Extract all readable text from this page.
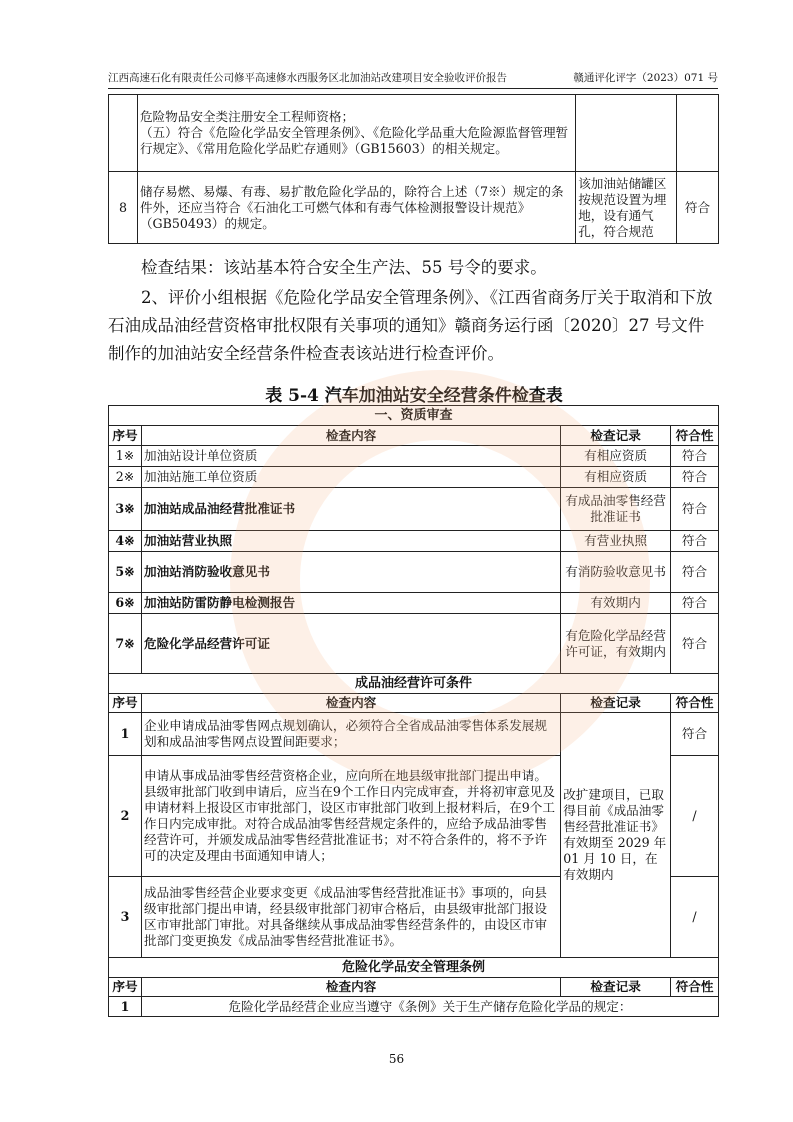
江西高速石化有限责任公司修平高速修水西服务区北加油站改建项目安全验收评价报告	赣通评化评字（2023）071 号
	危险物品安全类注册安全工程师资格；
（五）符合《危险化学品安全管理条例》、《危险化学品重大危险源监督管理暂行规定》、《常用危险化学品贮存通则》（GB15603）的相关规定。		
8	储存易燃、易爆、有毒、易扩散危险化学品的，除符合上述（7※）规定的条件外，还应当符合《石油化工可燃气体和有毒气体检测报警设计规范》（GB50493）的规定。	该加油站储罐区按规范设置为埋地，设有通气孔，符合规范	符合
检查结果：该站基本符合安全生产法、55 号令的要求。
2、评价小组根据《危险化学品安全管理条例》、《江西省商务厅关于取消和下放石油成品油经营资格审批权限有关事项的通知》赣商务运行函〔2020〕27 号文件制作的加油站安全经营条件检查表该站进行检查评价。
表 5-4 汽车加油站安全经营条件检查表
一、资质审查			
序号	检查内容	检查记录	符合性
1※	加油站设计单位资质	有相应资质	符合
2※	加油站施工单位资质	有相应资质	符合
3※	加油站成品油经营批准证书	有成品油零售经营批准证书	符合
4※	加油站营业执照	有营业执照	符合
5※	加油站消防验收意见书	有消防验收意见书	符合
6※	加油站防雷防静电检测报告	有效期内	符合
7※	危险化学品经营许可证	有危险化学品经营许可证，有效期内	符合
成品油经营许可条件			
序号	检查内容	检查记录	符合性
1	企业申请成品油零售网点规划确认，必须符合全省成品油零售体系发展规划和成品油零售网点设置间距要求；	改扩建项目，已取得目前《成品油零售经营批准证书》有效期至 2029 年 01 月 10 日，在有效期内	符合
2	申请从事成品油零售经营资格企业，应向所在地县级审批部门提出申请。县级审批部门收到申请后，应当在9个工作日内完成审查，并将初审意见及申请材料上报设区市审批部门，设区市审批部门收到上报材料后，在9个工作日内完成审批。对符合成品油零售经营规定条件的，应给予成品油零售经营许可，并颁发成品油零售经营批准证书；对不符合条件的，将不予许可的决定及理由书面通知申请人；		/
3	成品油零售经营企业要求变更《成品油零售经营批准证书》事项的，向县级审批部门提出申请，经县级审批部门初审合格后，由县级审批部门报设区市审批部门审批。对具备继续从事成品油零售经营条件的，由设区市审批部门变更换发《成品油零售经营批准证书》。		/
危险化学品安全管理条例			
序号	检查内容	检查记录	符合性
1	危险化学品经营企业应当遵守《条例》关于生产储存危险化学品的规定：		
56
